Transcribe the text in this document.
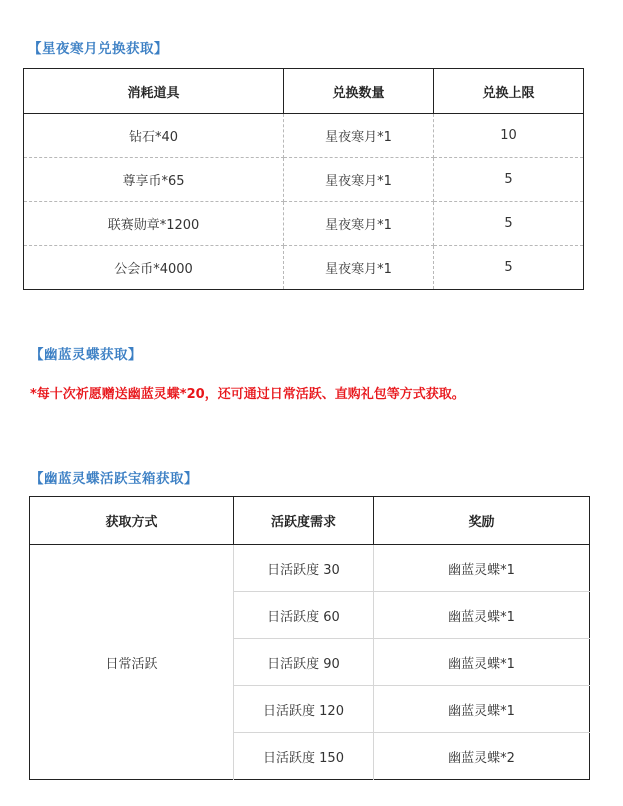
【星夜寒月兑换获取】
消耗道具	兑换数量	兑换上限
钻石*40	星夜寒月*1	10
尊享币*65	星夜寒月*1	5
联赛勋章*1200	星夜寒月*1	5
公会币*4000	星夜寒月*1	5
【幽蓝灵蝶获取】
*每十次祈愿赠送幽蓝灵蝶*20，还可通过日常活跃、直购礼包等方式获取。
【幽蓝灵蝶活跃宝箱获取】
获取方式	活跃度需求	奖励
日常活跃	日活跃度 30	幽蓝灵蝶*1
	日活跃度 60	幽蓝灵蝶*1
	日活跃度 90	幽蓝灵蝶*1
	日活跃度 120	幽蓝灵蝶*1
	日活跃度 150	幽蓝灵蝶*2
